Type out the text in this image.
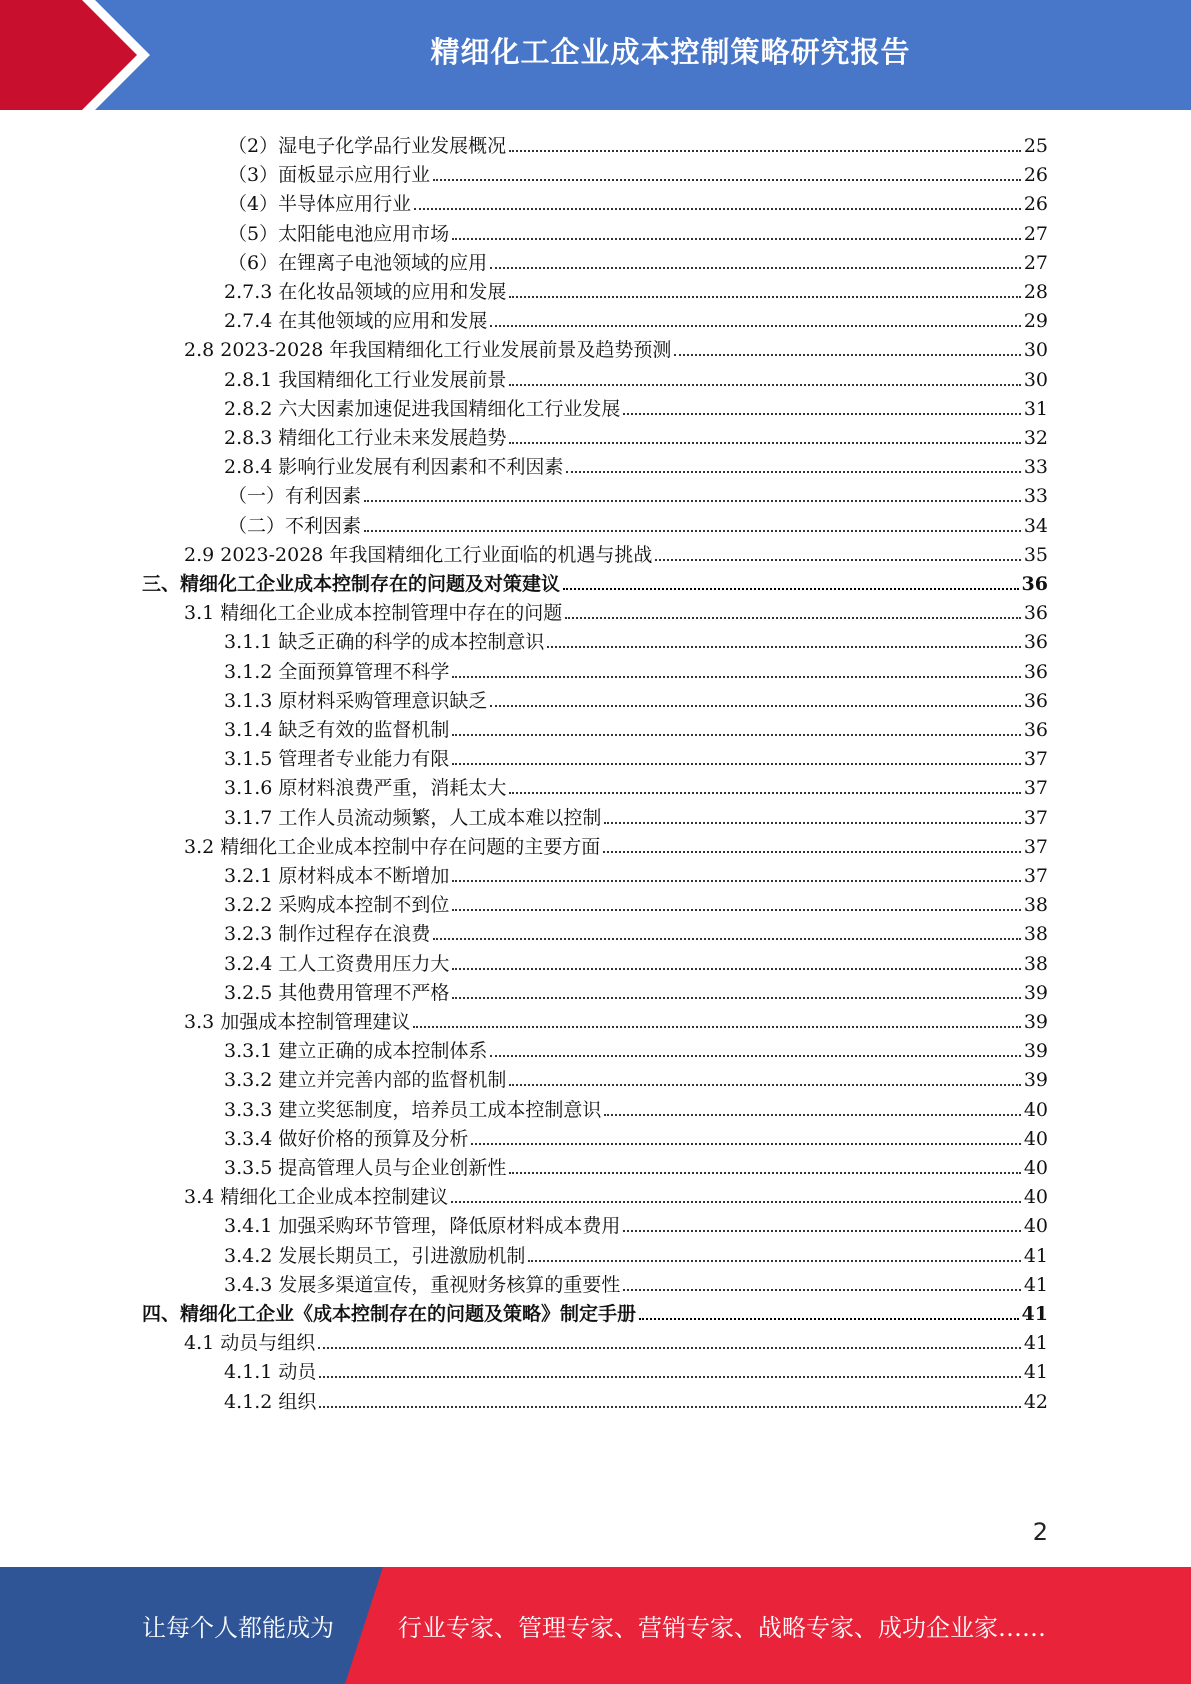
精细化工企业成本控制策略研究报告
（2）湿电子化学品行业发展概况	25
（3）面板显示应用行业	26
（4）半导体应用行业	26
（5）太阳能电池应用市场	27
（6）在锂离子电池领域的应用	27
2.7.3 在化妆品领域的应用和发展	28
2.7.4 在其他领域的应用和发展	29
2.8 2023-2028 年我国精细化工行业发展前景及趋势预测	30
2.8.1 我国精细化工行业发展前景	30
2.8.2 六大因素加速促进我国精细化工行业发展	31
2.8.3 精细化工行业未来发展趋势	32
2.8.4 影响行业发展有利因素和不利因素	33
（一）有利因素	33
（二）不利因素	34
2.9 2023-2028 年我国精细化工行业面临的机遇与挑战	35
三、精细化工企业成本控制存在的问题及对策建议	36
3.1 精细化工企业成本控制管理中存在的问题	36
3.1.1 缺乏正确的科学的成本控制意识	36
3.1.2 全面预算管理不科学	36
3.1.3 原材料采购管理意识缺乏	36
3.1.4 缺乏有效的监督机制	36
3.1.5 管理者专业能力有限	37
3.1.6 原材料浪费严重，消耗太大	37
3.1.7 工作人员流动频繁，人工成本难以控制	37
3.2 精细化工企业成本控制中存在问题的主要方面	37
3.2.1 原材料成本不断增加	37
3.2.2 采购成本控制不到位	38
3.2.3 制作过程存在浪费	38
3.2.4 工人工资费用压力大	38
3.2.5 其他费用管理不严格	39
3.3 加强成本控制管理建议	39
3.3.1 建立正确的成本控制体系	39
3.3.2 建立并完善内部的监督机制	39
3.3.3 建立奖惩制度，培养员工成本控制意识	40
3.3.4 做好价格的预算及分析	40
3.3.5 提高管理人员与企业创新性	40
3.4 精细化工企业成本控制建议	40
3.4.1 加强采购环节管理，降低原材料成本费用	40
3.4.2 发展长期员工，引进激励机制	41
3.4.3 发展多渠道宣传，重视财务核算的重要性	41
四、精细化工企业《成本控制存在的问题及策略》制定手册	41
4.1 动员与组织	41
4.1.1 动员	41
4.1.2 组织	42
2
让每个人都能成为	行业专家、管理专家、营销专家、战略专家、成功企业家……
